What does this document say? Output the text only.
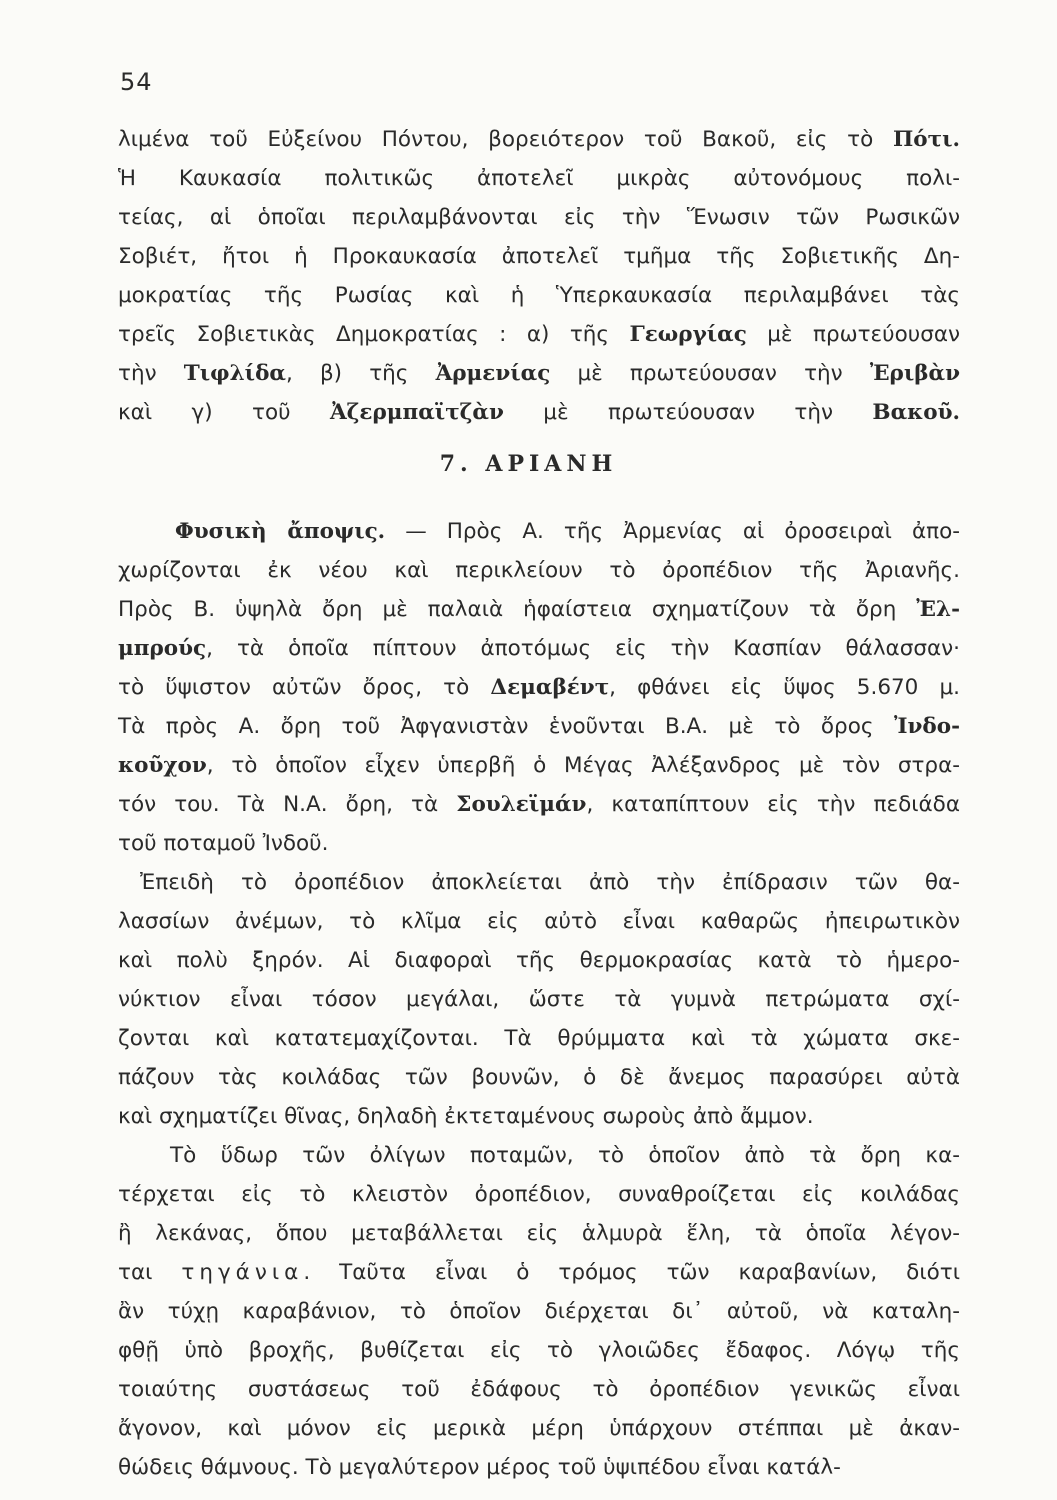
54
λιμένα τοῦ Εὐξείνου Πόντου, βορειότερον τοῦ Βακοῦ, εἰς τὸ Πότι.
Ἡ Καυκασία πολιτικῶς ἀποτελεῖ μικρὰς αὐτονόμους πολι-
τείας, αἱ ὁποῖαι περιλαμβάνονται εἰς τὴν Ἕνωσιν τῶν Ρωσικῶν
Σοβιέτ, ἤτοι ἡ Προκαυκασία ἀποτελεῖ τμῆμα τῆς Σοβιετικῆς Δη-
μοκρατίας τῆς Ρωσίας καὶ ἡ Ὑπερκαυκασία περιλαμβάνει τὰς
τρεῖς Σοβιετικὰς Δημοκρατίας : α) τῆς Γεωργίας μὲ πρωτεύουσαν
τὴν Τιφλίδα, β) τῆς Ἀρμενίας μὲ πρωτεύουσαν τὴν Ἐριβὰν
καὶ γ) τοῦ Ἀζερμπαϊτζὰν μὲ πρωτεύουσαν τὴν Βακοῦ.
7. ΑΡΙΑΝΗ
Φυσικὴ ἄποψις. — Πρὸς Α. τῆς Ἀρμενίας αἱ ὀροσειραὶ ἀπο-
χωρίζονται ἐκ νέου καὶ περικλείουν τὸ ὀροπέδιον τῆς Ἀριανῆς.
Πρὸς Β. ὑψηλὰ ὄρη μὲ παλαιὰ ἡφαίστεια σχηματίζουν τὰ ὄρη Ἐλ-
μπρούς, τὰ ὁποῖα πίπτουν ἀποτόμως εἰς τὴν Κασπίαν θάλασσαν·
τὸ ὕψιστον αὐτῶν ὄρος, τὸ Δεμαβέντ, φθάνει εἰς ὕψος 5.670 μ.
Τὰ πρὸς Α. ὄρη τοῦ Ἀφγανιστὰν ἑνοῦνται Β.Α. μὲ τὸ ὄρος Ἰνδο-
κοῦχον, τὸ ὁποῖον εἶχεν ὑπερβῆ ὁ Μέγας Ἀλέξανδρος μὲ τὸν στρα-
τόν του. Τὰ Ν.Α. ὄρη, τὰ Σουλεϊμάν, καταπίπτουν εἰς τὴν πεδιάδα
τοῦ ποταμοῦ Ἰνδοῦ.
Ἐπειδὴ τὸ ὀροπέδιον ἀποκλείεται ἀπὸ τὴν ἐπίδρασιν τῶν θα-
λασσίων ἀνέμων, τὸ κλῖμα εἰς αὐτὸ εἶναι καθαρῶς ἠπειρωτικὸν
καὶ πολὺ ξηρόν. Αἱ διαφοραὶ τῆς θερμοκρασίας κατὰ τὸ ἡμερο-
νύκτιον εἶναι τόσον μεγάλαι, ὥστε τὰ γυμνὰ πετρώματα σχί-
ζονται καὶ κατατεμαχίζονται. Τὰ θρύμματα καὶ τὰ χώματα σκε-
πάζουν τὰς κοιλάδας τῶν βουνῶν, ὁ δὲ ἄνεμος παρασύρει αὐτὰ
καὶ σχηματίζει θῖνας, δηλαδὴ ἐκτεταμένους σωροὺς ἀπὸ ἄμμον.
Τὸ ὕδωρ τῶν ὀλίγων ποταμῶν, τὸ ὁποῖον ἀπὸ τὰ ὄρη κα-
τέρχεται εἰς τὸ κλειστὸν ὀροπέδιον, συναθροίζεται εἰς κοιλάδας
ἢ λεκάνας, ὅπου μεταβάλλεται εἰς ἁλμυρὰ ἕλη, τὰ ὁποῖα λέγον-
ται τηγάνια. Ταῦτα εἶναι ὁ τρόμος τῶν καραβανίων, διότι
ἂν τύχῃ καραβάνιον, τὸ ὁποῖον διέρχεται δι᾽ αὐτοῦ, νὰ καταλη-
φθῇ ὑπὸ βροχῆς, βυθίζεται εἰς τὸ γλοιῶδες ἔδαφος. Λόγῳ τῆς
τοιαύτης συστάσεως τοῦ ἐδάφους τὸ ὀροπέδιον γενικῶς εἶναι
ἄγονον, καὶ μόνον εἰς μερικὰ μέρη ὑπάρχουν στέππαι μὲ ἀκαν-
θώδεις θάμνους. Τὸ μεγαλύτερον μέρος τοῦ ὑψιπέδου εἶναι κατάλ-
